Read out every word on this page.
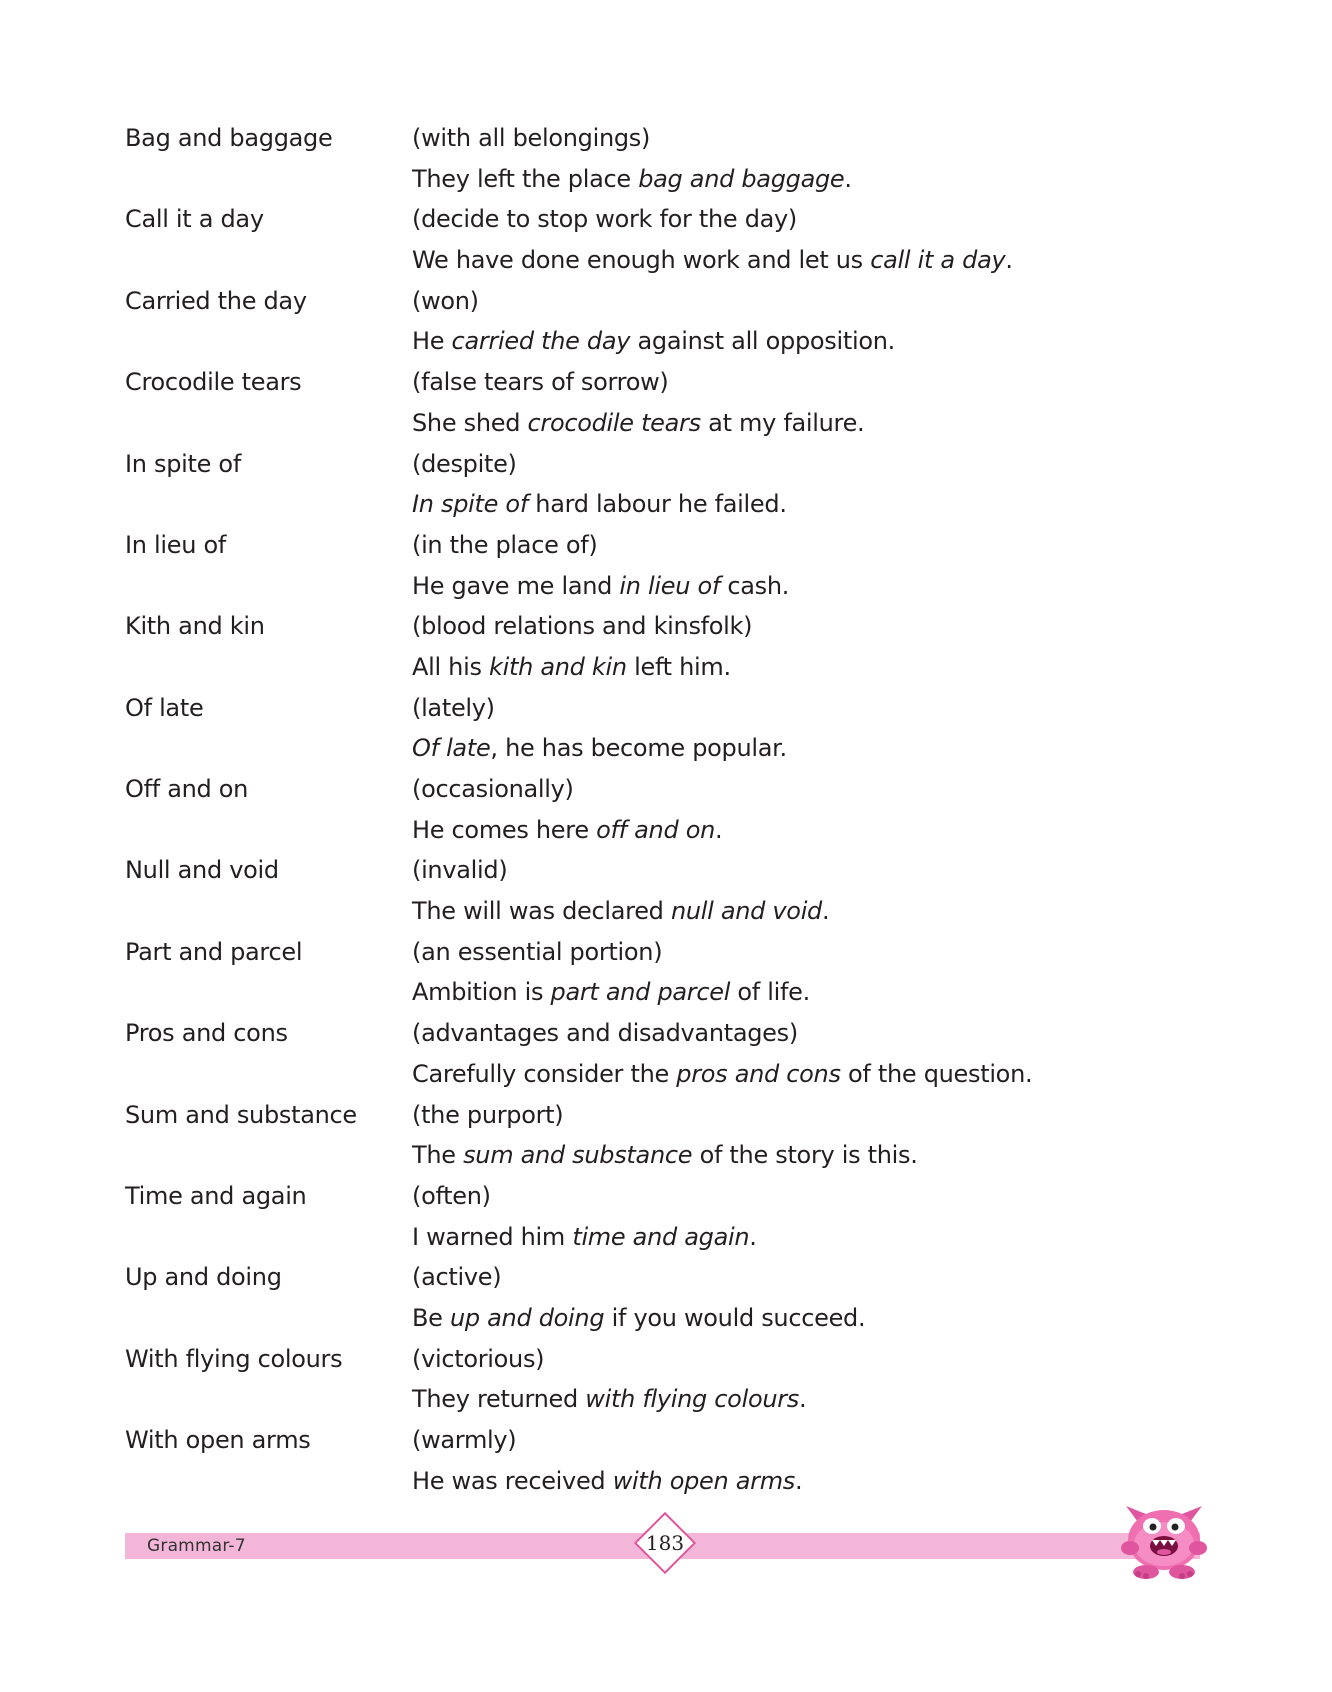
Bag and baggage	(with all belongings)
They left the place bag and baggage.
Call it a day	(decide to stop work for the day)
We have done enough work and let us call it a day.
Carried the day	(won)
He carried the day against all opposition.
Crocodile tears	(false tears of sorrow)
She shed crocodile tears at my failure.
In spite of	(despite)
In spite of hard labour he failed.
In lieu of	(in the place of)
He gave me land in lieu of cash.
Kith and kin	(blood relations and kinsfolk)
All his kith and kin left him.
Of late	(lately)
Of late, he has become popular.
Off and on	(occasionally)
He comes here off and on.
Null and void	(invalid)
The will was declared null and void.
Part and parcel	(an essential portion)
Ambition is part and parcel of life.
Pros and cons	(advantages and disadvantages)
Carefully consider the pros and cons of the question.
Sum and substance	(the purport)
The sum and substance of the story is this.
Time and again	(often)
I warned him time and again.
Up and doing	(active)
Be up and doing if you would succeed.
With flying colours	(victorious)
They returned with flying colours.
With open arms	(warmly)
He was received with open arms.
Grammar-7	183
